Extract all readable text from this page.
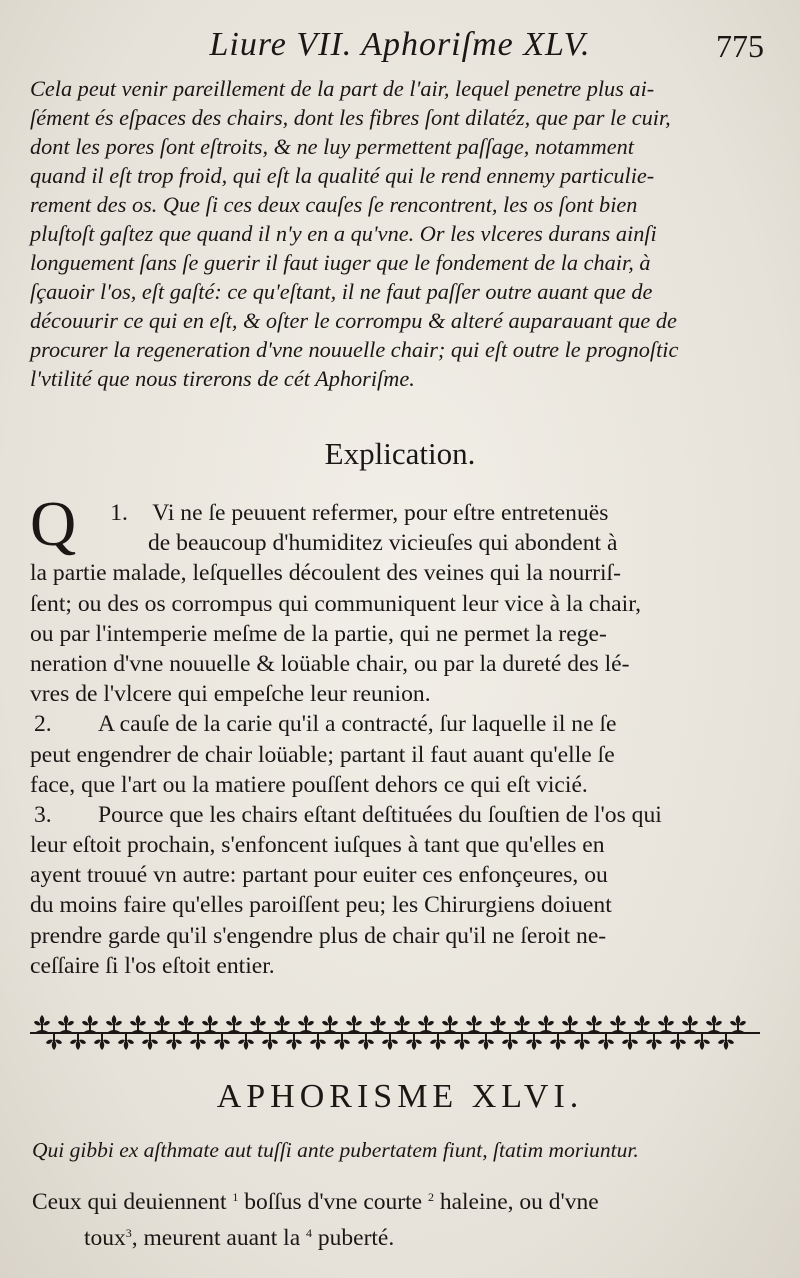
Liure VII. Aphoriſme XLV.	775
Cela peut venir pareillement de la part de l'air, lequel penetre plus ai-
ſément és eſpaces des chairs, dont les fibres ſont dilatéz, que par le cuir,
dont les pores ſont eſtroits, & ne luy permettent paſſage, notamment
quand il eſt trop froid, qui eſt la qualité qui le rend ennemy particulie-
rement des os. Que ſi ces deux cauſes ſe rencontrent, les os ſont bien
pluſtoſt gaſtez que quand il n'y en a qu'vne. Or les vlceres durans ainſi
longuement ſans ſe guerir il faut iuger que le fondement de la chair, à
ſçauoir l'os, eſt gaſté: ce qu'eſtant, il ne faut paſſer outre auant que de
découurir ce qui en eſt, & oſter le corrompu & alteré auparauant que de
procurer la regeneration d'vne nouuelle chair; qui eſt outre le prognoſtic
l'vtilité que nous tirerons de cét Aphoriſme.
Explication.
1.
Q	Vi ne ſe peuuent refermer, pour eſtre entretenuës
de beaucoup d'humiditez vicieuſes qui abondent à
la partie malade, leſquelles découlent des veines qui la nourriſ-
ſent; ou des os corrompus qui communiquent leur vice à la chair,
ou par l'intemperie meſme de la partie, qui ne permet la rege-
neration d'vne nouuelle & loüable chair, ou par la dureté des lé-
vres de l'vlcere qui empeſche leur reunion.
2. A cauſe de la carie qu'il a contracté, ſur laquelle il ne ſe
peut engendrer de chair loüable; partant il faut auant qu'elle ſe
face, que l'art ou la matiere pouſſent dehors ce qui eſt vicié.
3. Pource que les chairs eſtant deſtituées du ſouſtien de l'os qui
leur eſtoit prochain, s'enfoncent iuſques à tant que qu'elles en
ayent trouué vn autre: partant pour euiter ces enfonçeures, ou
du moins faire qu'elles paroiſſent peu; les Chirurgiens doiuent
prendre garde qu'il s'engendre plus de chair qu'il ne ſeroit ne-
ceſſaire ſi l'os eſtoit entier.
APHORISME XLVI.
Qui gibbi ex aſthmate aut tuſſi ante pubertatem fiunt, ſtatim moriuntur.
Ceux qui deuiennent $^1$ boſſus d'vne courte $^2$ haleine, ou d'vne
toux$^3$, meurent auant la $^4$ puberté.
